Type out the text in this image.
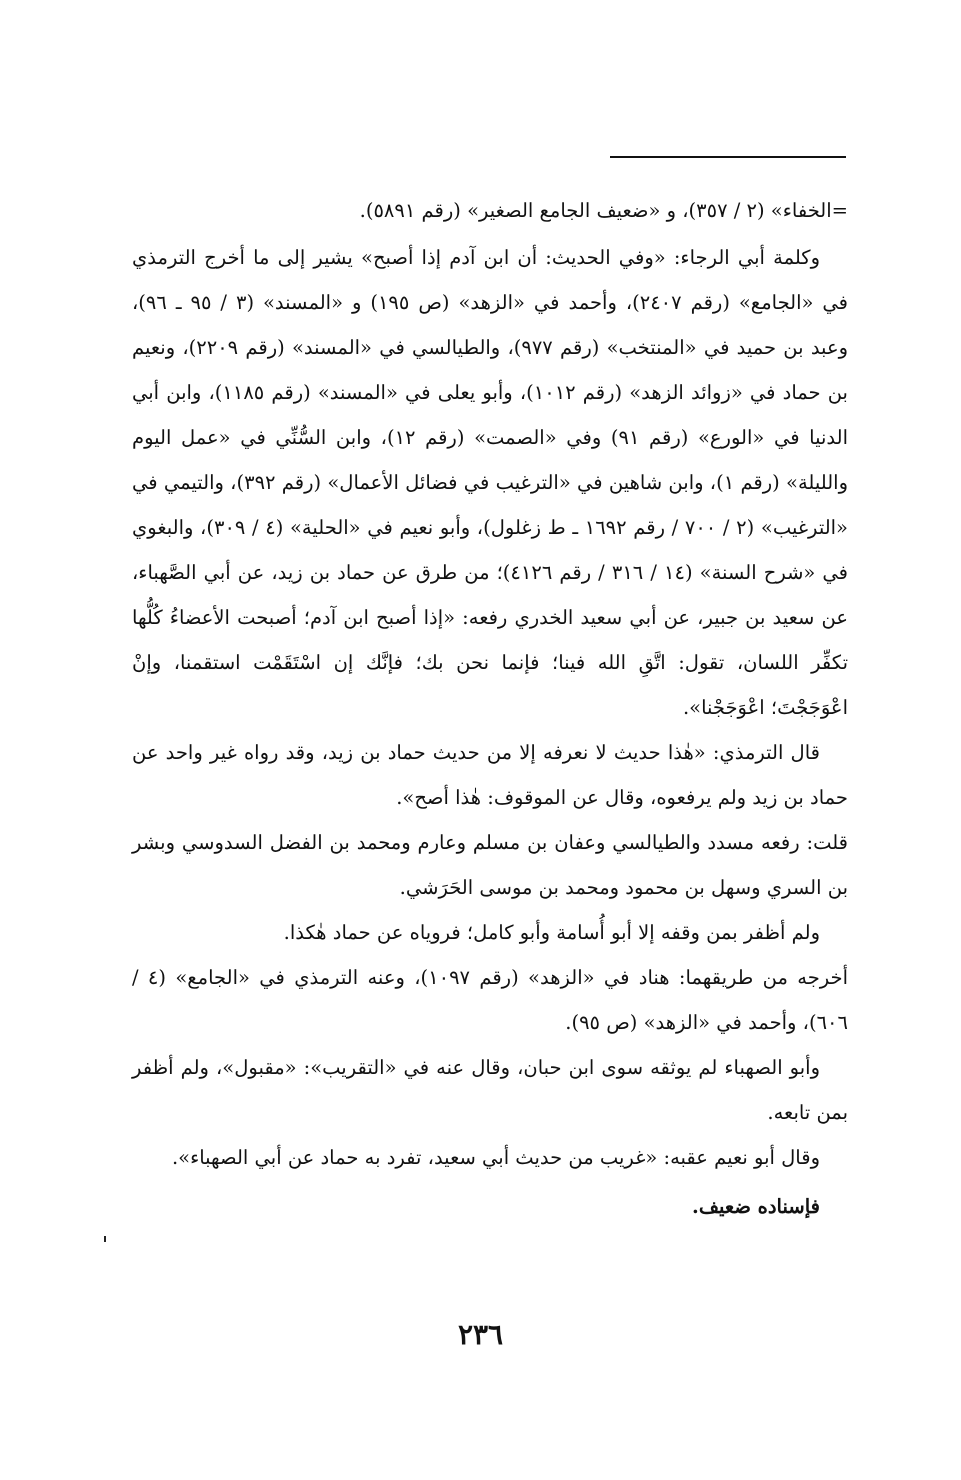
=الخفاء» (٢ / ٣٥٧)، و «ضعيف الجامع الصغير» (رقم ٥٨٩١).

وكلمة أبي الرجاء: «وفي الحديث: أن ابن آدم إذا أصبح» يشير إلى ما أخرج الترمذي في «الجامع» (رقم ٢٤٠٧)، وأحمد في «الزهد» (ص ١٩٥) و «المسند» (٣ / ٩٥ ـ ٩٦)، وعبد بن حميد في «المنتخب» (رقم ٩٧٧)، والطيالسي في «المسند» (رقم ٢٢٠٩)، ونعيم بن حماد في «زوائد الزهد» (رقم ١٠١٢)، وأبو يعلى في «المسند» (رقم ١١٨٥)، وابن أبي الدنيا في «الورع» (رقم ٩١) وفي «الصمت» (رقم ١٢)، وابن السُّنِّي في «عمل اليوم والليلة» (رقم ١)، وابن شاهين في «الترغيب في فضائل الأعمال» (رقم ٣٩٢)، والتيمي في «الترغيب» (٢ / ٧٠٠ / رقم ١٦٩٢ ـ ط زغلول)، وأبو نعيم في «الحلية» (٤ / ٣٠٩)، والبغوي في «شرح السنة» (١٤ / ٣١٦ / رقم ٤١٢٦)؛ من طرق عن حماد بن زيد، عن أبي الصَّهباء، عن سعيد بن جبير، عن أبي سعيد الخدري رفعه: «إذا أصبح ابن آدم؛ أصبحت الأعضاءُ كُلُّها تكفِّر اللسان، تقول: اتَّقِ الله فينا؛ فإنما نحن بك؛ فإنَّك إن اسْتَقَمْت استقمنا، وإنْ اعْوَجَجْتَ؛ اعْوَجَجْنا».

قال الترمذي: «هٰذا حديث لا نعرفه إلا من حديث حماد بن زيد، وقد رواه غير واحد عن حماد بن زيد ولم يرفعوه، وقال عن الموقوف: هٰذا أصح».

قلت: رفعه مسدد والطيالسي وعفان بن مسلم وعارم ومحمد بن الفضل السدوسي وبشر بن السري وسهل بن محمود ومحمد بن موسى الحَرَشي.

ولم أظفر بمن وقفه إلا أبو أُسامة وأبو كامل؛ فروياه عن حماد هٰكذا.

أخرجه من طريقهما: هناد في «الزهد» (رقم ١٠٩٧)، وعنه الترمذي في «الجامع» (٤ / ٦٠٦)، وأحمد في «الزهد» (ص ٩٥).

وأبو الصهباء لم يوثقه سوى ابن حبان، وقال عنه في «التقريب»: «مقبول»، ولم أظفر بمن تابعه.

وقال أبو نعيم عقبه: «غريب من حديث أبي سعيد، تفرد به حماد عن أبي الصهباء».

فإسناده ضعيف.

٢٣٦
